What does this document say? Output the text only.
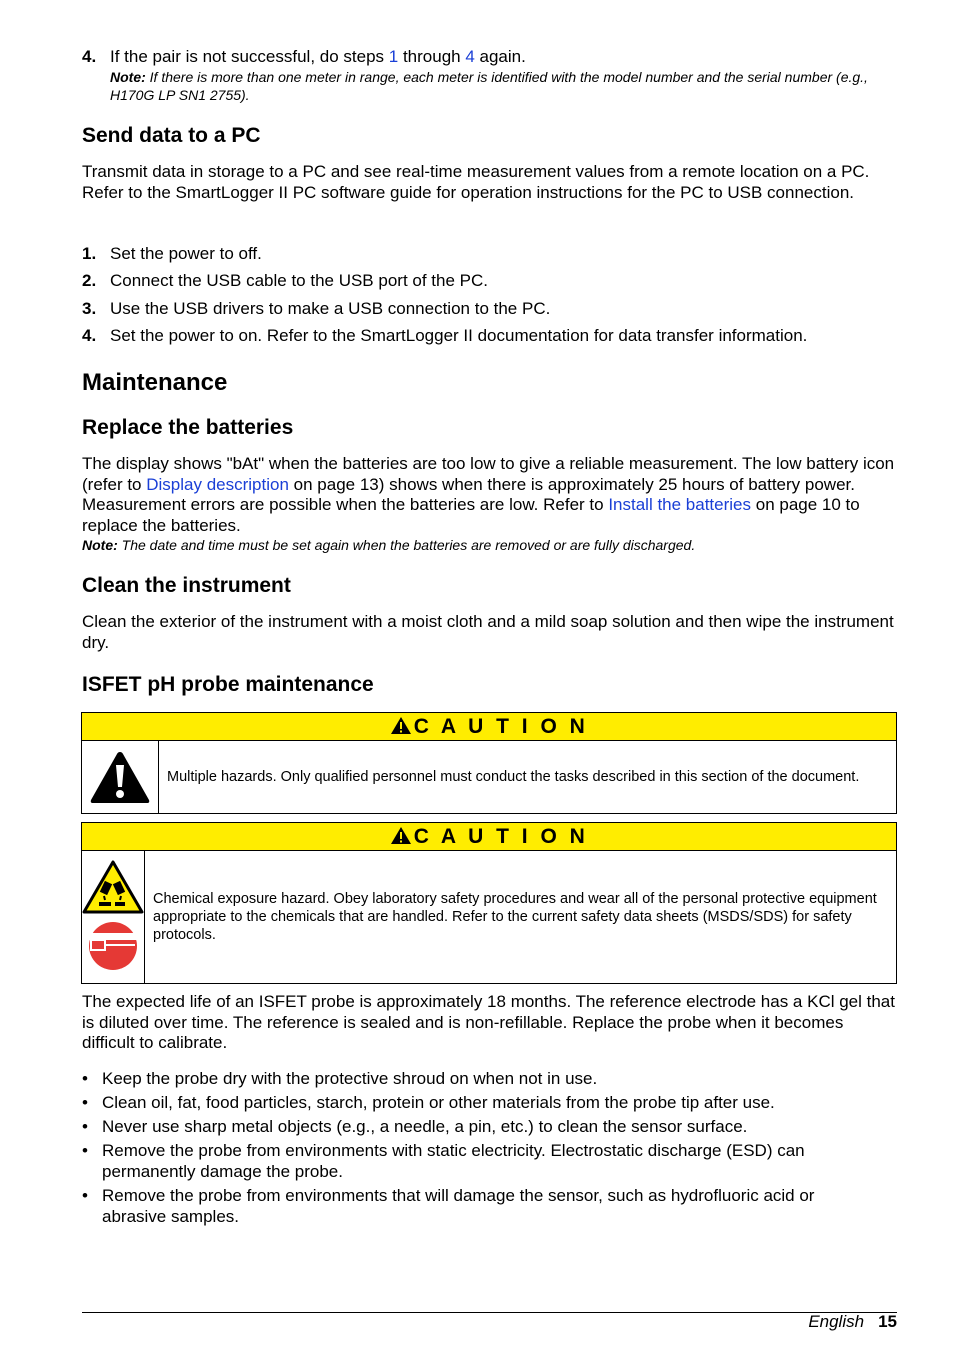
4. If the pair is not successful, do steps 1 through 4 again.

Note: If there is more than one meter in range, each meter is identified with the model number and the serial number (e.g., H170G LP SN1 2755).

Send data to a PC

Transmit data in storage to a PC and see real-time measurement values from a remote location on a PC. Refer to the SmartLogger II PC software guide for operation instructions for the PC to USB connection.

1. Set the power to off.
2. Connect the USB cable to the USB port of the PC.
3. Use the USB drivers to make a USB connection to the PC.
4. Set the power to on. Refer to the SmartLogger II documentation for data transfer information.
Maintenance
Replace the batteries

The display shows "bAt" when the batteries are too low to give a reliable measurement. The low battery icon (refer to Display description on page 13) shows when there is approximately 25 hours of battery power. Measurement errors are possible when the batteries are low. Refer to Install the batteries on page 10 to replace the batteries.

Note: The date and time must be set again when the batteries are removed or are fully discharged.

Clean the instrument

Clean the exterior of the instrument with a moist cloth and a mild soap solution and then wipe the instrument dry.

ISFET pH probe maintenance
C A U T I O N
Multiple hazards. Only qualified personnel must conduct the tasks described in this section of the document.
C A U T I O N
Chemical exposure hazard. Obey laboratory safety procedures and wear all of the personal protective equipment appropriate to the chemicals that are handled. Refer to the current safety data sheets (MSDS/SDS) for safety protocols.

The expected life of an ISFET probe is approximately 18 months. The reference electrode has a KCl gel that is diluted over time. The reference is sealed and is non-refillable. Replace the probe when it becomes difficult to calibrate.

• Keep the probe dry with the protective shroud on when not in use.
• Clean oil, fat, food particles, starch, protein or other materials from the probe tip after use.
• Never use sharp metal objects (e.g., a needle, a pin, etc.) to clean the sensor surface.
• Remove the probe from environments with static electricity. Electrostatic discharge (ESD) can permanently damage the probe.
• Remove the probe from environments that will damage the sensor, such as hydrofluoric acid or abrasive samples.
English 15
